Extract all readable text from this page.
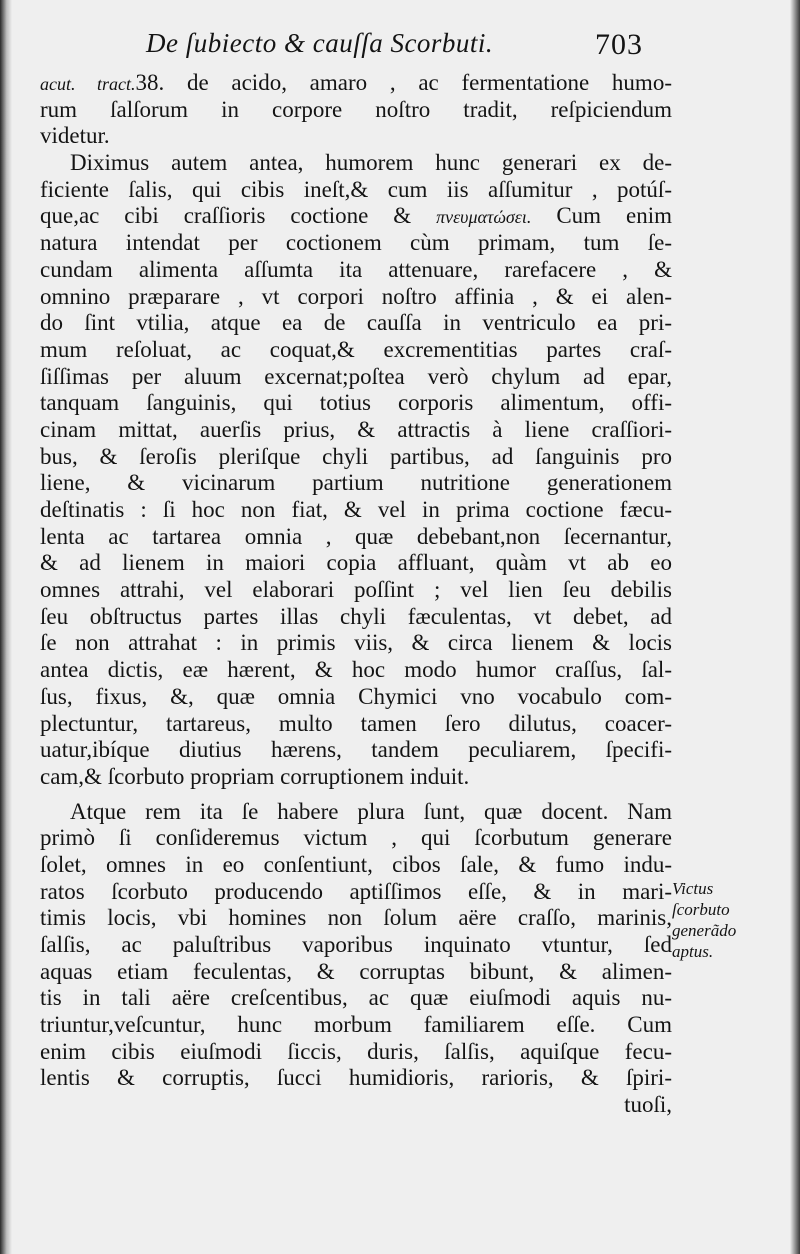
De ſubiecto & cauſſa Scorbuti.	703
acut. tract.38. de acido, amaro , ac fermentatione humo-
rum ſalſorum in corpore noſtro tradit, reſpiciendum
videtur.
Diximus autem antea, humorem hunc generari ex de-
ficiente ſalis, qui cibis ineſt,& cum iis aſſumitur , potúſ-
que,ac cibi craſſioris coctione & πνευματώσει. Cum enim
natura intendat per coctionem cùm primam, tum ſe-
cundam alimenta aſſumta ita attenuare, rarefacere , &
omnino præparare , vt corpori noſtro affinia , & ei alen-
do ſint vtilia, atque ea de cauſſa in ventriculo ea pri-
mum reſoluat, ac coquat,& excrementitias partes craſ-
ſiſſimas per aluum excernat;poſtea verò chylum ad epar,
tanquam ſanguinis, qui totius corporis alimentum, offi-
cinam mittat, auerſis prius, & attractis à liene craſſiori-
bus, & ſeroſis pleriſque chyli partibus, ad ſanguinis pro
liene, & vicinarum partium nutritione generationem
deſtinatis : ſi hoc non fiat, & vel in prima coctione fæcu-
lenta ac tartarea omnia , quæ debebant,non ſecernantur,
& ad lienem in maiori copia affluant, quàm vt ab eo
omnes attrahi, vel elaborari poſſint ; vel lien ſeu debilis
ſeu obſtructus partes illas chyli fæculentas, vt debet, ad
ſe non attrahat : in primis viis, & circa lienem & locis
antea dictis, eæ hærent, & hoc modo humor craſſus, ſal-
ſus, fixus, &, quæ omnia Chymici vno vocabulo com-
plectuntur, tartareus, multo tamen ſero dilutus, coacer-
uatur,ibíque diutius hærens, tandem peculiarem, ſpecifi-
cam,& ſcorbuto propriam corruptionem induit.
Atque rem ita ſe habere plura ſunt, quæ docent. Nam
primò ſi conſideremus victum , qui ſcorbutum generare
ſolet, omnes in eo conſentiunt, cibos ſale, & fumo indu-
ratos ſcorbuto producendo aptiſſimos eſſe, & in mari-
timis locis, vbi homines non ſolum aëre craſſo, marinis,
ſalſis, ac paluſtribus vaporibus inquinato vtuntur, ſed
aquas etiam feculentas, & corruptas bibunt, & alimen-
tis in tali aëre creſcentibus, ac quæ eiuſmodi aquis nu-
triuntur,veſcuntur, hunc morbum familiarem eſſe. Cum
enim cibis eiuſmodi ſiccis, duris, ſalſis, aquiſque fecu-
lentis & corruptis, ſucci humidioris, rarioris, & ſpiri-
tuoſi,
Victus
ſcorbuto
generãdo
aptus.
